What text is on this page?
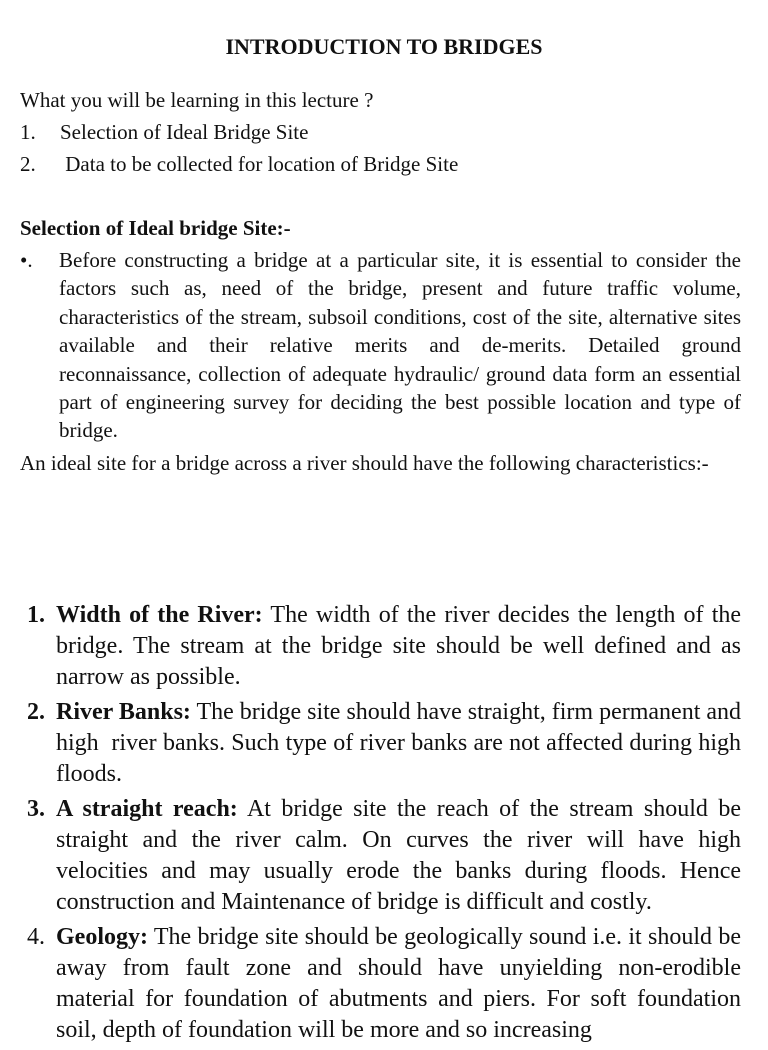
INTRODUCTION TO BRIDGES
What you will be learning in this lecture ?
1.	Selection of Ideal Bridge Site
2.	Data to be collected for location of Bridge Site
Selection of Ideal bridge Site:-
•.	Before constructing a bridge at a particular site, it is essential to consider the factors such as, need of the bridge, present and future traffic volume, characteristics of the stream, subsoil conditions, cost of the site, alternative sites available and their relative merits and de-merits. Detailed ground reconnaissance, collection of adequate hydraulic/ ground data form an essential part of engineering survey for deciding the best possible location and type of bridge.
An ideal site for a bridge across a river should have the following characteristics:-
1. Width of the River: The width of the river decides the length of the bridge. The stream at the bridge site should be well defined and as narrow as possible.
2. River Banks: The bridge site should have straight, firm permanent and high  river banks. Such type of river banks are not affected during high floods.
3. A straight reach: At bridge site the reach of the stream should be straight and the river calm. On curves the river will have high velocities and may usually erode the banks during floods. Hence construction and Maintenance of bridge is difficult and costly.
4. Geology: The bridge site should be geologically sound i.e. it should be away from fault zone and should have unyielding non-erodible material for foundation of abutments and piers. For soft foundation soil, depth of foundation will be more and so increasing
